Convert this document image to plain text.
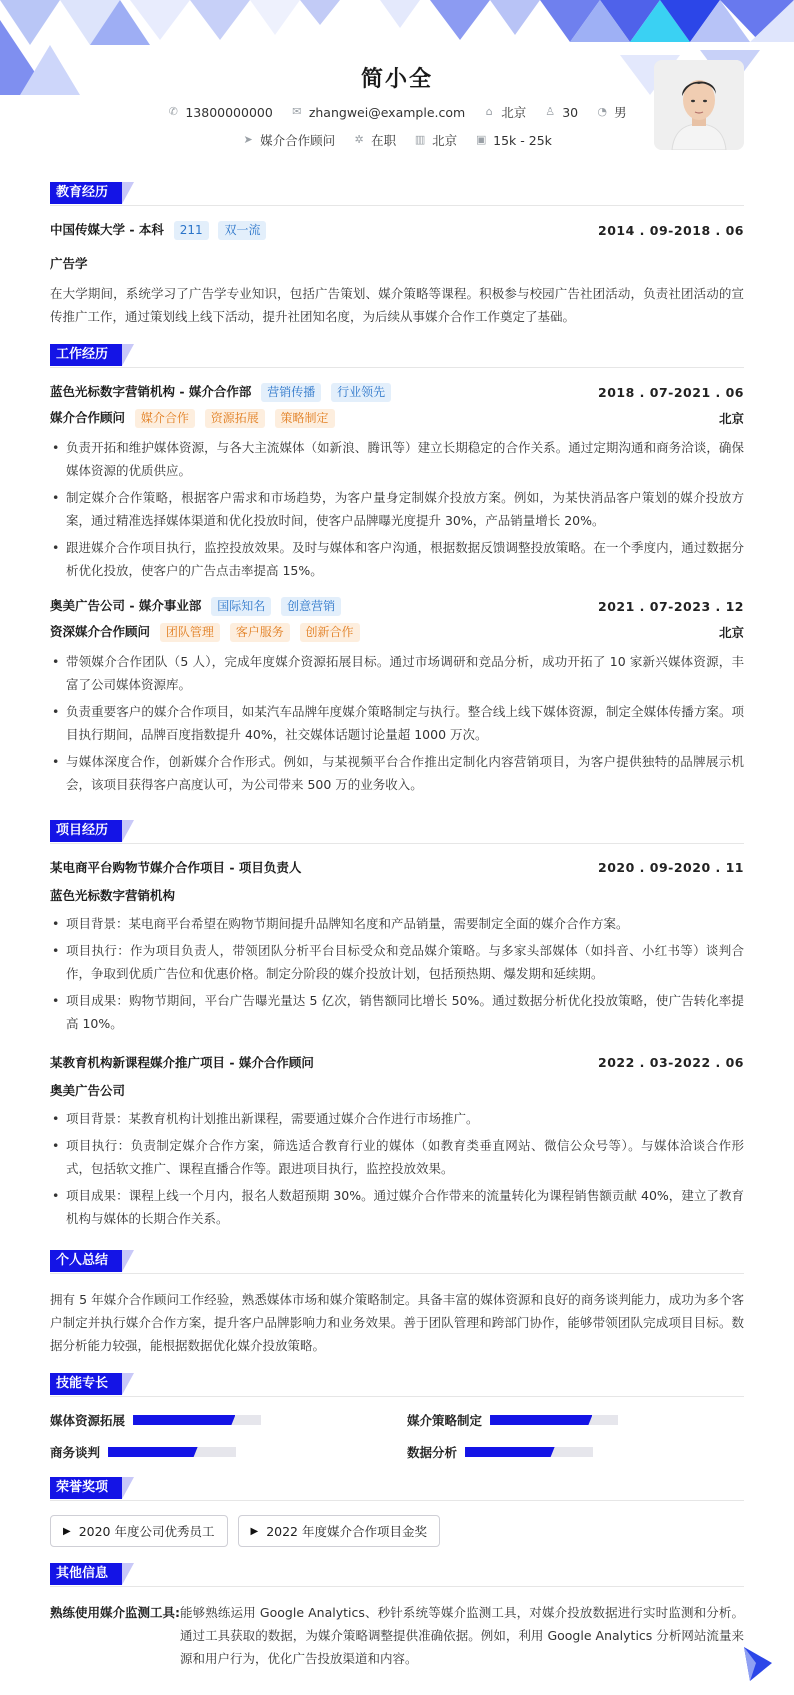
简小全
✆ 13800000000 ✉ zhangwei@example.com ⌂ 北京 ♙ 30 ◔ 男
➤ 媒介合作顾问 ✲ 在职 ▥ 北京 ▣ 15k - 25k
教育经历
中国传媒大学 - 本科 211 双一流	2014 . 09-2018 . 06
广告学
在大学期间，系统学习了广告学专业知识，包括广告策划、媒介策略等课程。积极参与校园广告社团活动，负责社团活动的宣传推广工作，通过策划线上线下活动，提升社团知名度，为后续从事媒介合作工作奠定了基础。
工作经历
蓝色光标数字营销机构 - 媒介合作部 营销传播 行业领先	2018 . 07-2021 . 06
媒介合作顾问 媒介合作 资源拓展 策略制定	北京
• 负责开拓和维护媒体资源，与各大主流媒体（如新浪、腾讯等）建立长期稳定的合作关系。通过定期沟通和商务洽谈，确保媒体资源的优质供应。
• 制定媒介合作策略，根据客户需求和市场趋势，为客户量身定制媒介投放方案。例如，为某快消品客户策划的媒介投放方案，通过精准选择媒体渠道和优化投放时间，使客户品牌曝光度提升 30%，产品销量增长 20%。
• 跟进媒介合作项目执行，监控投放效果。及时与媒体和客户沟通，根据数据反馈调整投放策略。在一个季度内，通过数据分析优化投放，使客户的广告点击率提高 15%。
奥美广告公司 - 媒介事业部 国际知名 创意营销	2021 . 07-2023 . 12
资深媒介合作顾问 团队管理 客户服务 创新合作	北京
• 带领媒介合作团队（5 人），完成年度媒介资源拓展目标。通过市场调研和竞品分析，成功开拓了 10 家新兴媒体资源，丰富了公司媒体资源库。
• 负责重要客户的媒介合作项目，如某汽车品牌年度媒介策略制定与执行。整合线上线下媒体资源，制定全媒体传播方案。项目执行期间，品牌百度指数提升 40%，社交媒体话题讨论量超 1000 万次。
• 与媒体深度合作，创新媒介合作形式。例如，与某视频平台合作推出定制化内容营销项目，为客户提供独特的品牌展示机会，该项目获得客户高度认可，为公司带来 500 万的业务收入。
项目经历
某电商平台购物节媒介合作项目 - 项目负责人	2020 . 09-2020 . 11
蓝色光标数字营销机构
• 项目背景：某电商平台希望在购物节期间提升品牌知名度和产品销量，需要制定全面的媒介合作方案。
• 项目执行：作为项目负责人，带领团队分析平台目标受众和竞品媒介策略。与多家头部媒体（如抖音、小红书等）谈判合作，争取到优质广告位和优惠价格。制定分阶段的媒介投放计划，包括预热期、爆发期和延续期。
• 项目成果：购物节期间，平台广告曝光量达 5 亿次，销售额同比增长 50%。通过数据分析优化投放策略，使广告转化率提高 10%。
某教育机构新课程媒介推广项目 - 媒介合作顾问	2022 . 03-2022 . 06
奥美广告公司
• 项目背景：某教育机构计划推出新课程，需要通过媒介合作进行市场推广。
• 项目执行：负责制定媒介合作方案，筛选适合教育行业的媒体（如教育类垂直网站、微信公众号等）。与媒体洽谈合作形式，包括软文推广、课程直播合作等。跟进项目执行，监控投放效果。
• 项目成果：课程上线一个月内，报名人数超预期 30%。通过媒介合作带来的流量转化为课程销售额贡献 40%，建立了教育机构与媒体的长期合作关系。
个人总结
拥有 5 年媒介合作顾问工作经验，熟悉媒体市场和媒介策略制定。具备丰富的媒体资源和良好的商务谈判能力，成功为多个客户制定并执行媒介合作方案，提升客户品牌影响力和业务效果。善于团队管理和跨部门协作，能够带领团队完成项目目标。数据分析能力较强，能根据数据优化媒介投放策略。
技能专长
媒体资源拓展	媒介策略制定
商务谈判	数据分析
荣誉奖项
▶ 2020 年度公司优秀员工	▶ 2022 年度媒介合作项目金奖
其他信息
熟练使用媒介监测工具: 能够熟练运用 Google Analytics、秒针系统等媒介监测工具，对媒介投放数据进行实时监测和分析。通过工具获取的数据，为媒介策略调整提供准确依据。例如，利用 Google Analytics 分析网站流量来源和用户行为，优化广告投放渠道和内容。
